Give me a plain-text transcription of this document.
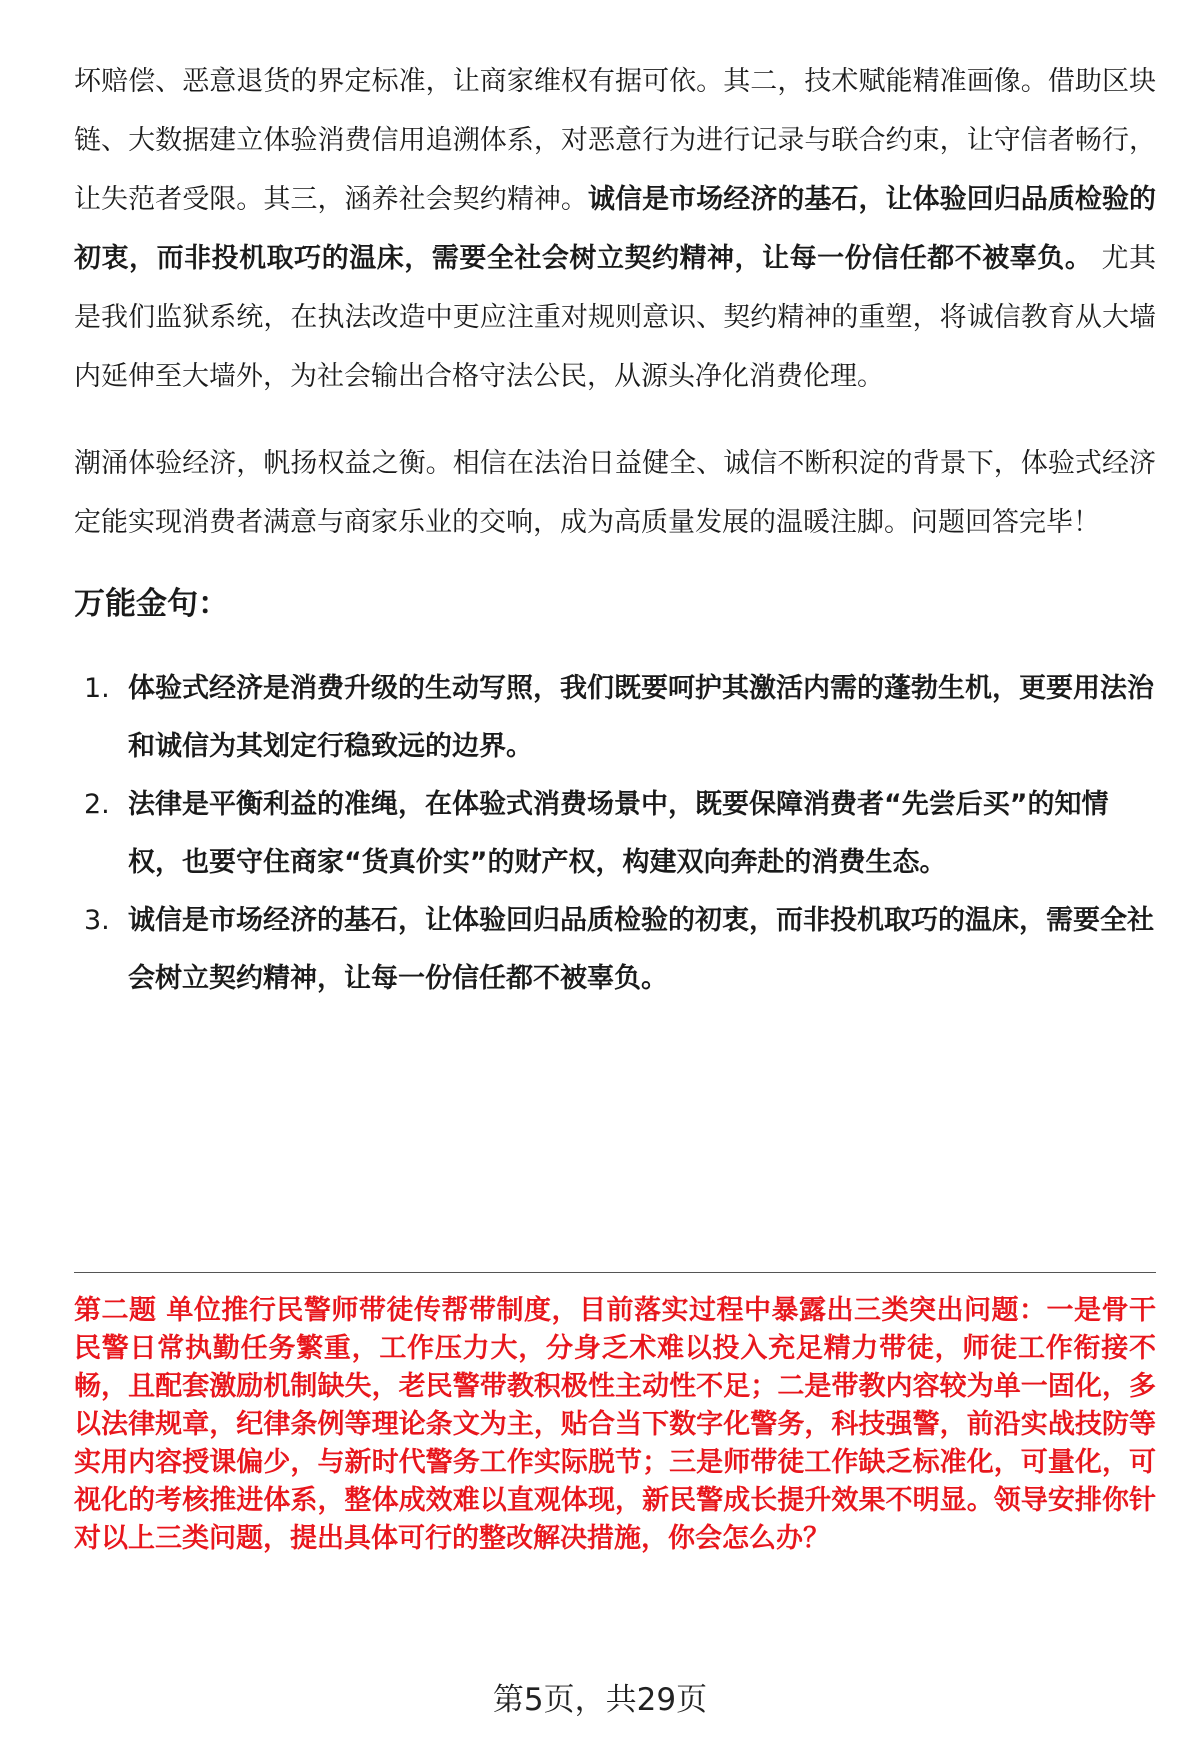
坏赔偿、恶意退货的界定标准，让商家维权有据可依。其二，技术赋能精准画像。借助区块链、大数据建立体验消费信用追溯体系，对恶意行为进行记录与联合约束，让守信者畅行，让失范者受限。其三，涵养社会契约精神。诚信是市场经济的基石，让体验回归品质检验的初衷，而非投机取巧的温床，需要全社会树立契约精神，让每一份信任都不被辜负。 尤其是我们监狱系统，在执法改造中更应注重对规则意识、契约精神的重塑，将诚信教育从大墙内延伸至大墙外，为社会输出合格守法公民，从源头净化消费伦理。

潮涌体验经济，帆扬权益之衡。相信在法治日益健全、诚信不断积淀的背景下，体验式经济定能实现消费者满意与商家乐业的交响，成为高质量发展的温暖注脚。问题回答完毕！

万能金句：
1. 体验式经济是消费升级的生动写照，我们既要呵护其激活内需的蓬勃生机，更要用法治和诚信为其划定行稳致远的边界。
2. 法律是平衡利益的准绳，在体验式消费场景中，既要保障消费者“先尝后买”的知情权，也要守住商家“货真价实”的财产权，构建双向奔赴的消费生态。
3. 诚信是市场经济的基石，让体验回归品质检验的初衷，而非投机取巧的温床，需要全社会树立契约精神，让每一份信任都不被辜负。
第二题 单位推行民警师带徒传帮带制度，目前落实过程中暴露出三类突出问题：一是骨干民警日常执勤任务繁重，工作压力大，分身乏术难以投入充足精力带徒，师徒工作衔接不畅，且配套激励机制缺失，老民警带教积极性主动性不足；二是带教内容较为单一固化，多以法律规章，纪律条例等理论条文为主，贴合当下数字化警务，科技强警，前沿实战技防等实用内容授课偏少，与新时代警务工作实际脱节；三是师带徒工作缺乏标准化，可量化，可视化的考核推进体系，整体成效难以直观体现，新民警成长提升效果不明显。领导安排你针对以上三类问题，提出具体可行的整改解决措施，你会怎么办？
第5页，共29页
